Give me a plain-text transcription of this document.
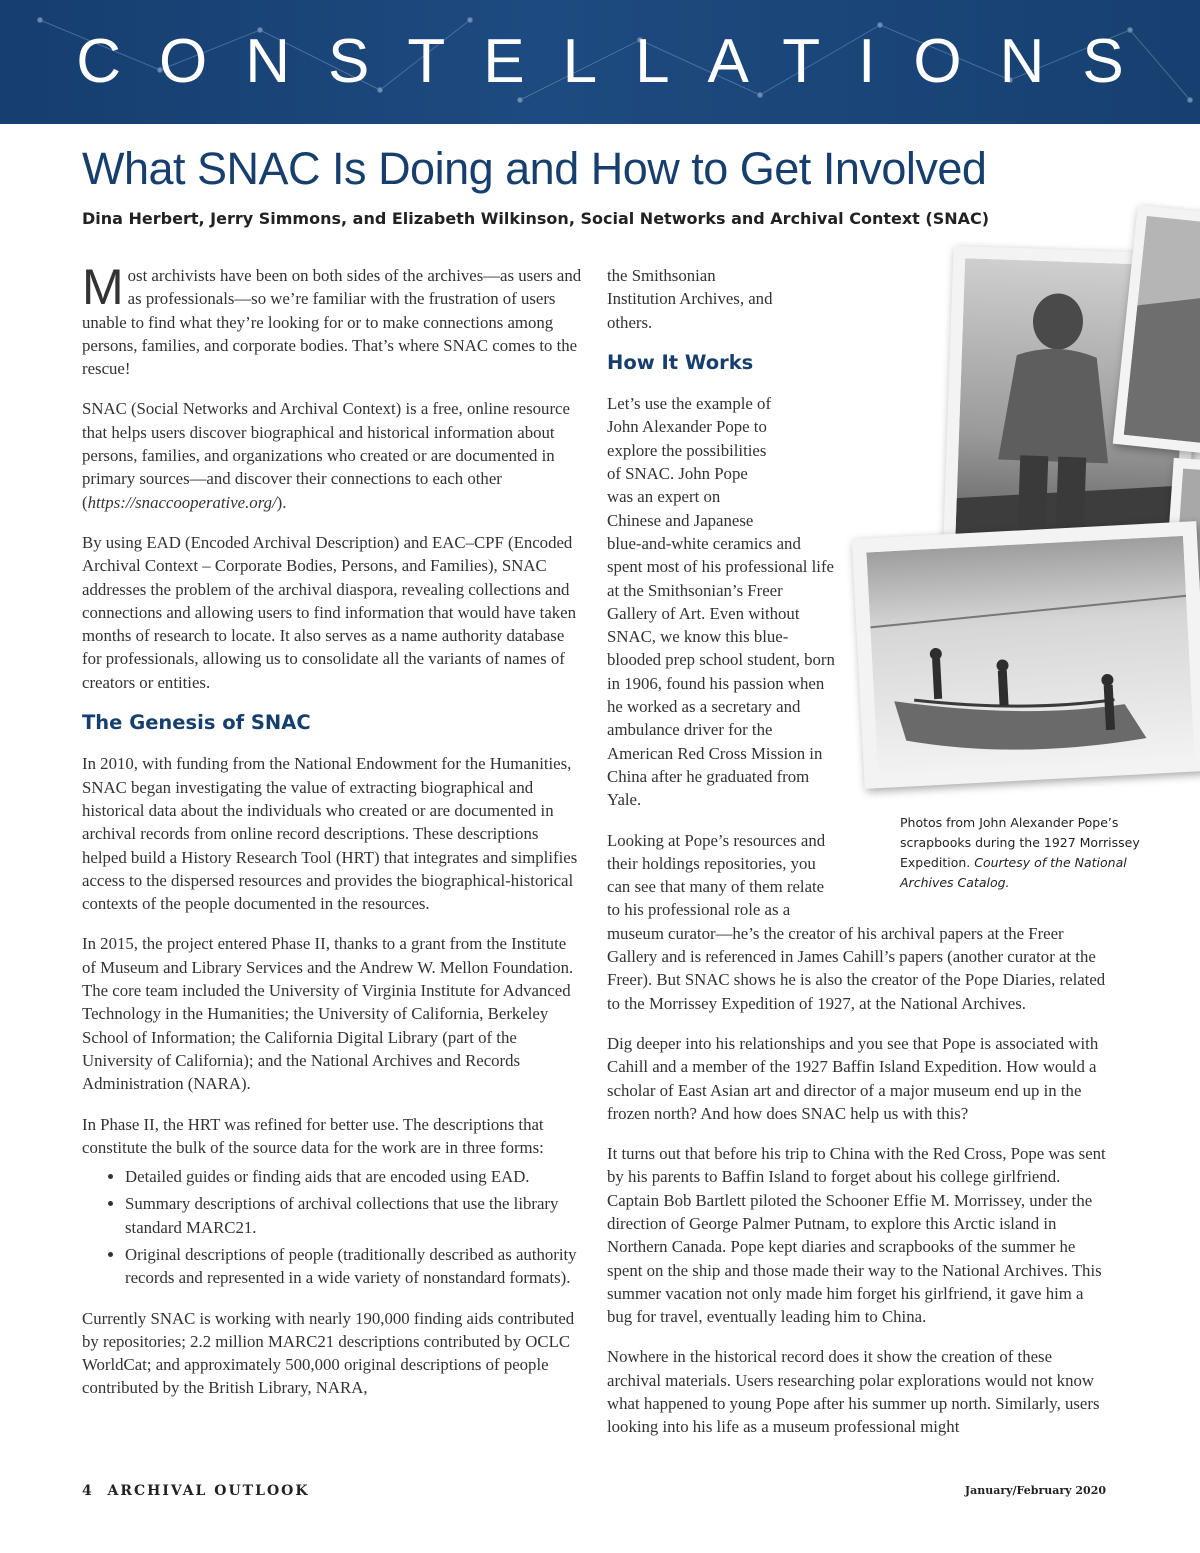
CONSTELLATIONS
What SNAC Is Doing and How to Get Involved

Dina Herbert, Jerry Simmons, and Elizabeth Wilkinson, Social Networks and Archival Context (SNAC)

Most archivists have been on both sides of the archives—as users and as professionals—so we’re familiar with the frustration of users unable to find what they’re looking for or to make connections among persons, families, and corporate bodies. That’s where SNAC comes to the rescue!

SNAC (Social Networks and Archival Context) is a free, online resource that helps users discover biographical and historical information about persons, families, and organizations who created or are documented in primary sources—and discover their connections to each other (https://snaccooperative.org/).

By using EAD (Encoded Archival Description) and EAC–CPF (Encoded Archival Context – Corporate Bodies, Persons, and Families), SNAC addresses the problem of the archival diaspora, revealing collections and connections and allowing users to find information that would have taken months of research to locate. It also serves as a name authority database for professionals, allowing us to consolidate all the variants of names of creators or entities.

The Genesis of SNAC

In 2010, with funding from the National Endowment for the Humanities, SNAC began investigating the value of extracting biographical and historical data about the individuals who created or are documented in archival records from online record descriptions. These descriptions helped build a History Research Tool (HRT) that integrates and simplifies access to the dispersed resources and provides the biographical-historical contexts of the people documented in the resources.

In 2015, the project entered Phase II, thanks to a grant from the Institute of Museum and Library Services and the Andrew W. Mellon Foundation. The core team included the University of Virginia Institute for Advanced Technology in the Humanities; the University of California, Berkeley School of Information; the California Digital Library (part of the University of California); and the National Archives and Records Administration (NARA).

In Phase II, the HRT was refined for better use. The descriptions that constitute the bulk of the source data for the work are in three forms:

• Detailed guides or finding aids that are encoded using EAD.
• Summary descriptions of archival collections that use the library standard MARC21.
• Original descriptions of people (traditionally described as authority records and represented in a wide variety of nonstandard formats).

Currently SNAC is working with nearly 190,000 finding aids contributed by repositories; 2.2 million MARC21 descriptions contributed by OCLC WorldCat; and approximately 500,000 original descriptions of people contributed by the British Library, NARA,

the Smithsonian Institution Archives, and others.

How It Works

Let’s use the example of John Alexander Pope to explore the possibilities of SNAC. John Pope was an expert on Chinese and Japanese blue-and-white ceramics and spent most of his professional life at the Smithsonian’s Freer Gallery of Art. Even without SNAC, we know this blue-blooded prep school student, born in 1906, found his passion when he worked as a secretary and ambulance driver for the American Red Cross Mission in China after he graduated from Yale.

Looking at Pope’s resources and their holdings repositories, you can see that many of them relate to his professional role as a museum curator—he’s the creator of his archival papers at the Freer Gallery and is referenced in James Cahill’s papers (another curator at the Freer). But SNAC shows he is also the creator of the Pope Diaries, related to the Morrissey Expedition of 1927, at the National Archives.

Dig deeper into his relationships and you see that Pope is associated with Cahill and a member of the 1927 Baffin Island Expedition. How would a scholar of East Asian art and director of a major museum end up in the frozen north? And how does SNAC help us with this?

It turns out that before his trip to China with the Red Cross, Pope was sent by his parents to Baffin Island to forget about his college girlfriend. Captain Bob Bartlett piloted the Schooner Effie M. Morrissey, under the direction of George Palmer Putnam, to explore this Arctic island in Northern Canada. Pope kept diaries and scrapbooks of the summer he spent on the ship and those made their way to the National Archives. This summer vacation not only made him forget his girlfriend, it gave him a bug for travel, eventually leading him to China.

Nowhere in the historical record does it show the creation of these archival materials. Users researching polar explorations would not know what happened to young Pope after his summer up north. Similarly, users looking into his life as a museum professional might

Photos from John Alexander Pope’s scrapbooks during the 1927 Morrissey Expedition. Courtesy of the National Archives Catalog.
4 ARCHIVAL OUTLOOK	January/February 2020
